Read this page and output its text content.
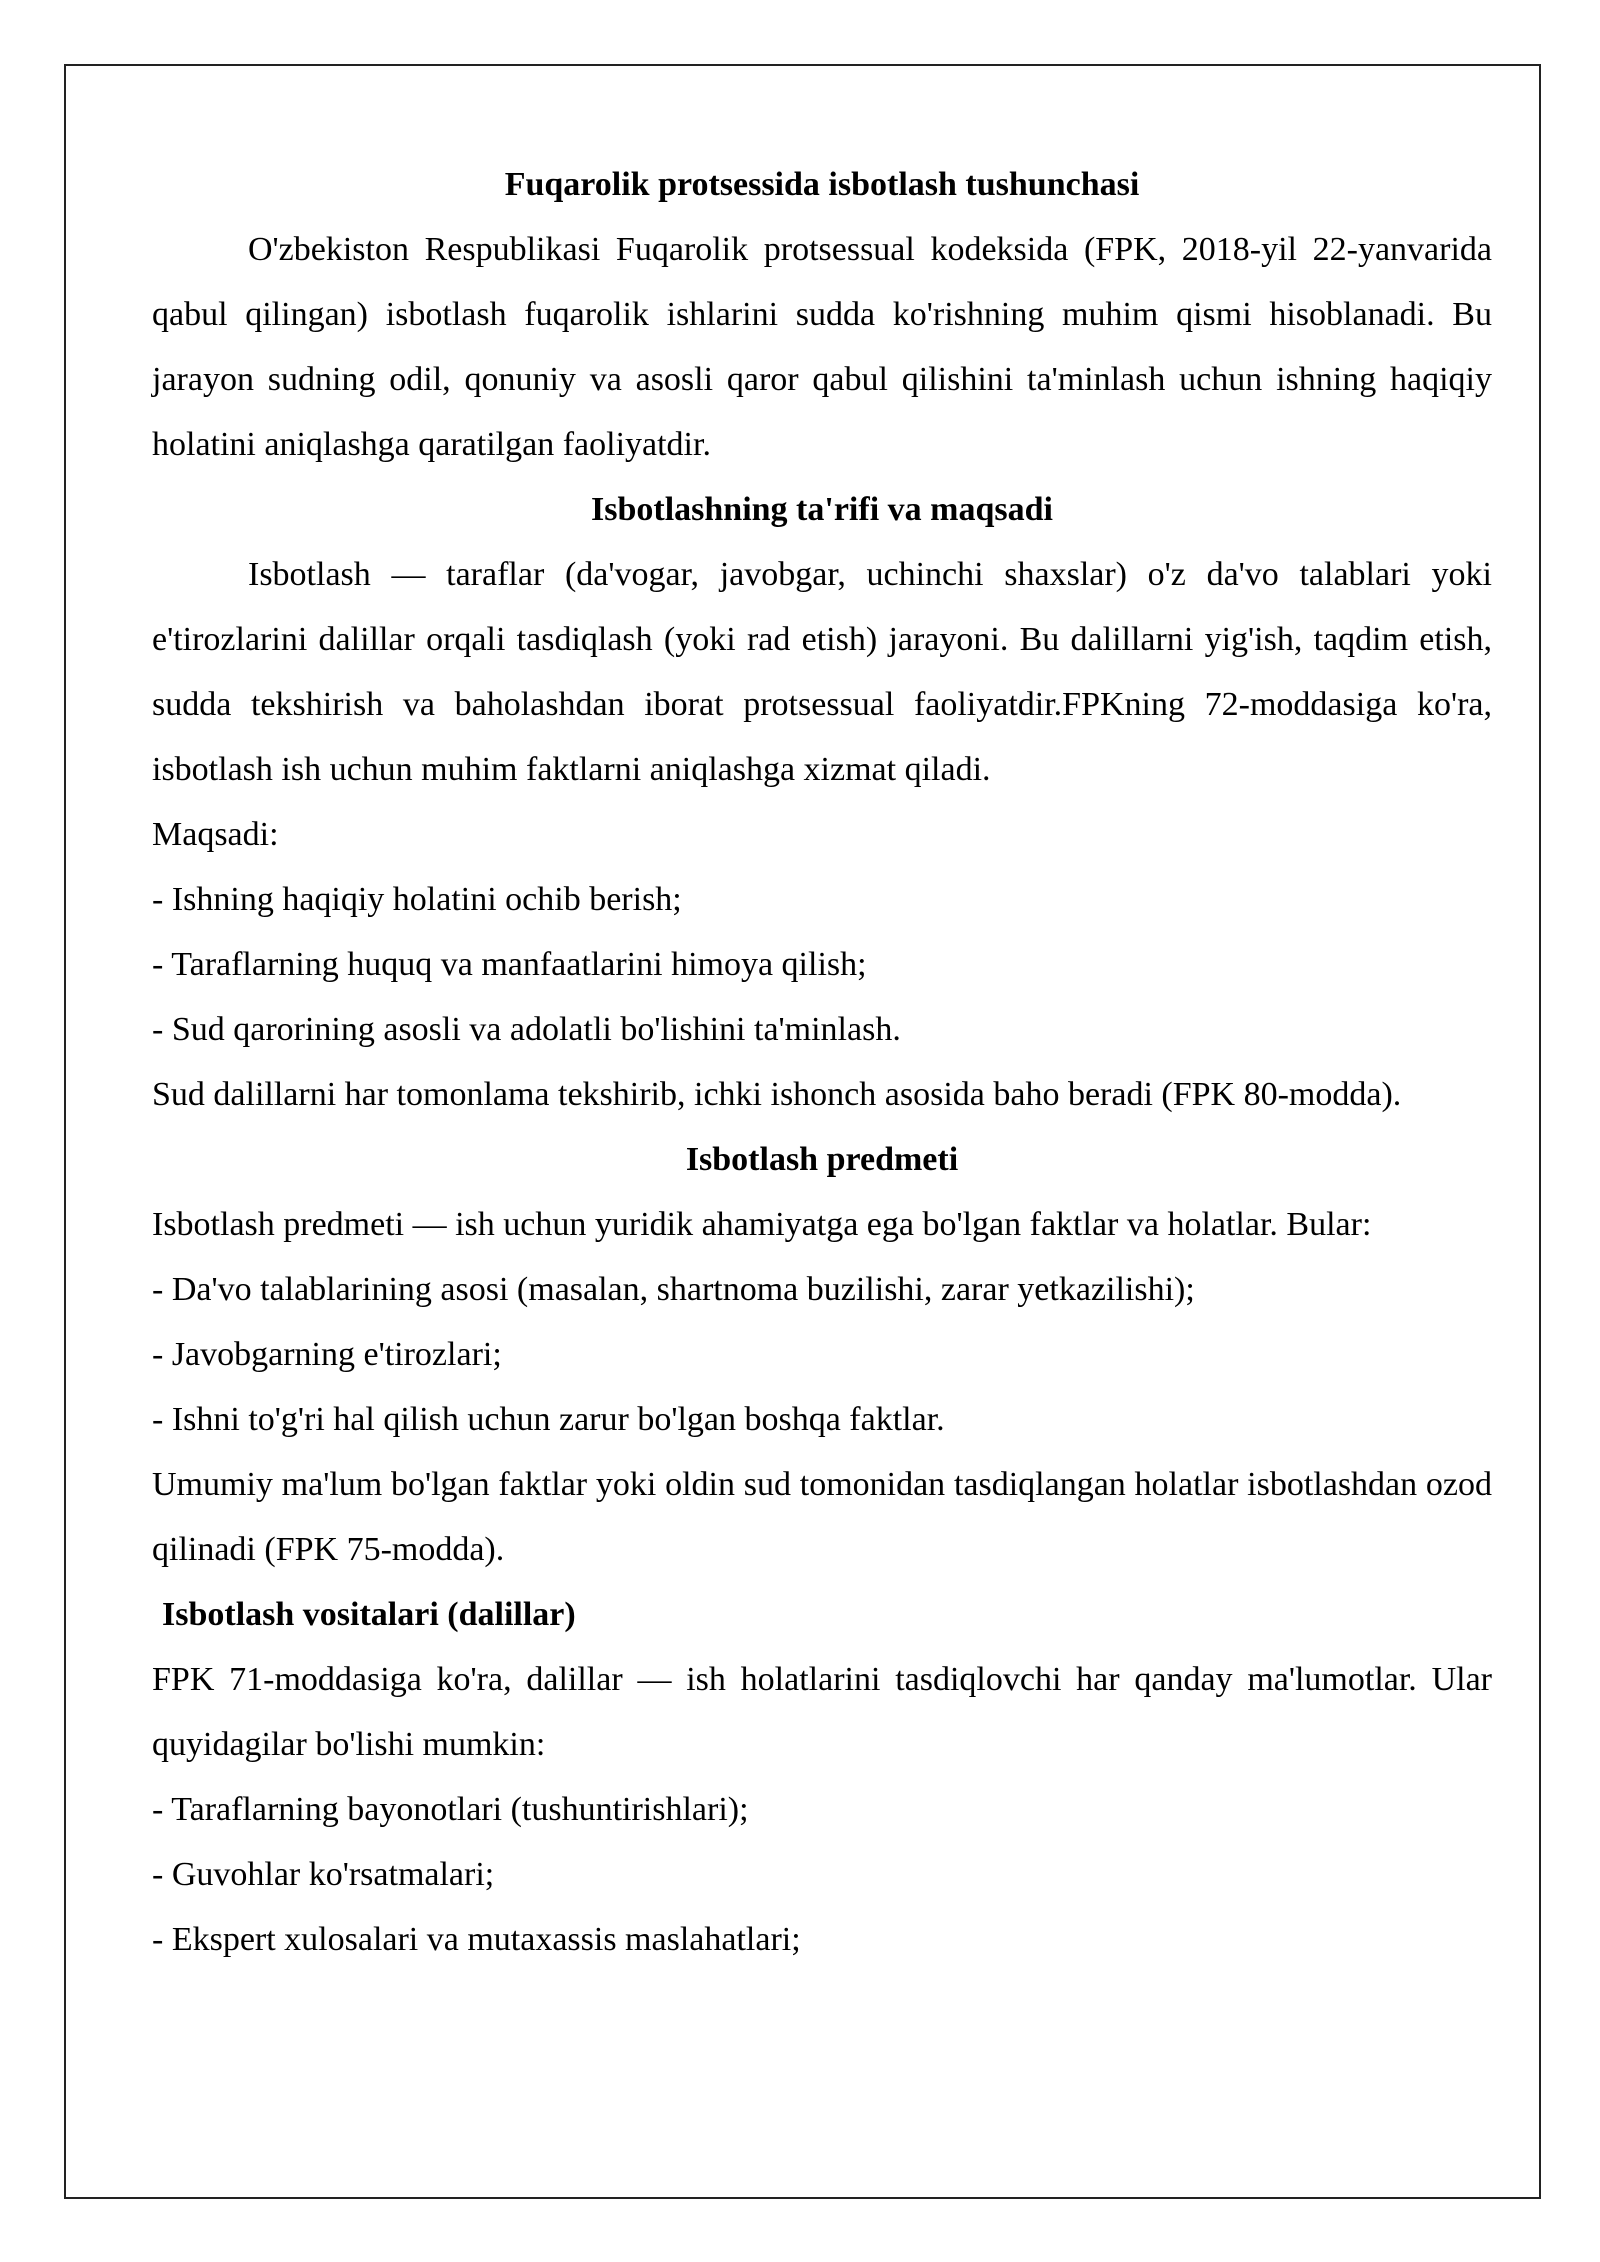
Fuqarolik protsessida isbotlash tushunchasi

O'zbekiston Respublikasi Fuqarolik protsessual kodeksida (FPK, 2018-yil 22-yanvarida qabul qilingan) isbotlash fuqarolik ishlarini sudda ko'rishning muhim qismi hisoblanadi. Bu jarayon sudning odil, qonuniy va asosli qaror qabul qilishini ta'minlash uchun ishning haqiqiy holatini aniqlashga qaratilgan faoliyatdir.

Isbotlashning ta'rifi va maqsadi

Isbotlash — taraflar (da'vogar, javobgar, uchinchi shaxslar) o'z da'vo talablari yoki e'tirozlarini dalillar orqali tasdiqlash (yoki rad etish) jarayoni. Bu dalillarni yig'ish, taqdim etish, sudda tekshirish va baholashdan iborat protsessual faoliyatdir.FPKning 72-moddasiga ko'ra, isbotlash ish uchun muhim faktlarni aniqlashga xizmat qiladi.

Maqsadi:

- Ishning haqiqiy holatini ochib berish;

- Taraflarning huquq va manfaatlarini himoya qilish;

- Sud qarorining asosli va adolatli bo'lishini ta'minlash.

Sud dalillarni har tomonlama tekshirib, ichki ishonch asosida baho beradi (FPK 80-modda).

Isbotlash predmeti

Isbotlash predmeti — ish uchun yuridik ahamiyatga ega bo'lgan faktlar va holatlar. Bular:

- Da'vo talablarining asosi (masalan, shartnoma buzilishi, zarar yetkazilishi);

- Javobgarning e'tirozlari;

- Ishni to'g'ri hal qilish uchun zarur bo'lgan boshqa faktlar.

Umumiy ma'lum bo'lgan faktlar yoki oldin sud tomonidan tasdiqlangan holatlar isbotlashdan ozod qilinadi (FPK 75-modda).

Isbotlash vositalari (dalillar)

FPK 71-moddasiga ko'ra, dalillar — ish holatlarini tasdiqlovchi har qanday ma'lumotlar. Ular quyidagilar bo'lishi mumkin:

- Taraflarning bayonotlari (tushuntirishlari);

- Guvohlar ko'rsatmalari;

- Ekspert xulosalari va mutaxassis maslahatlari;
